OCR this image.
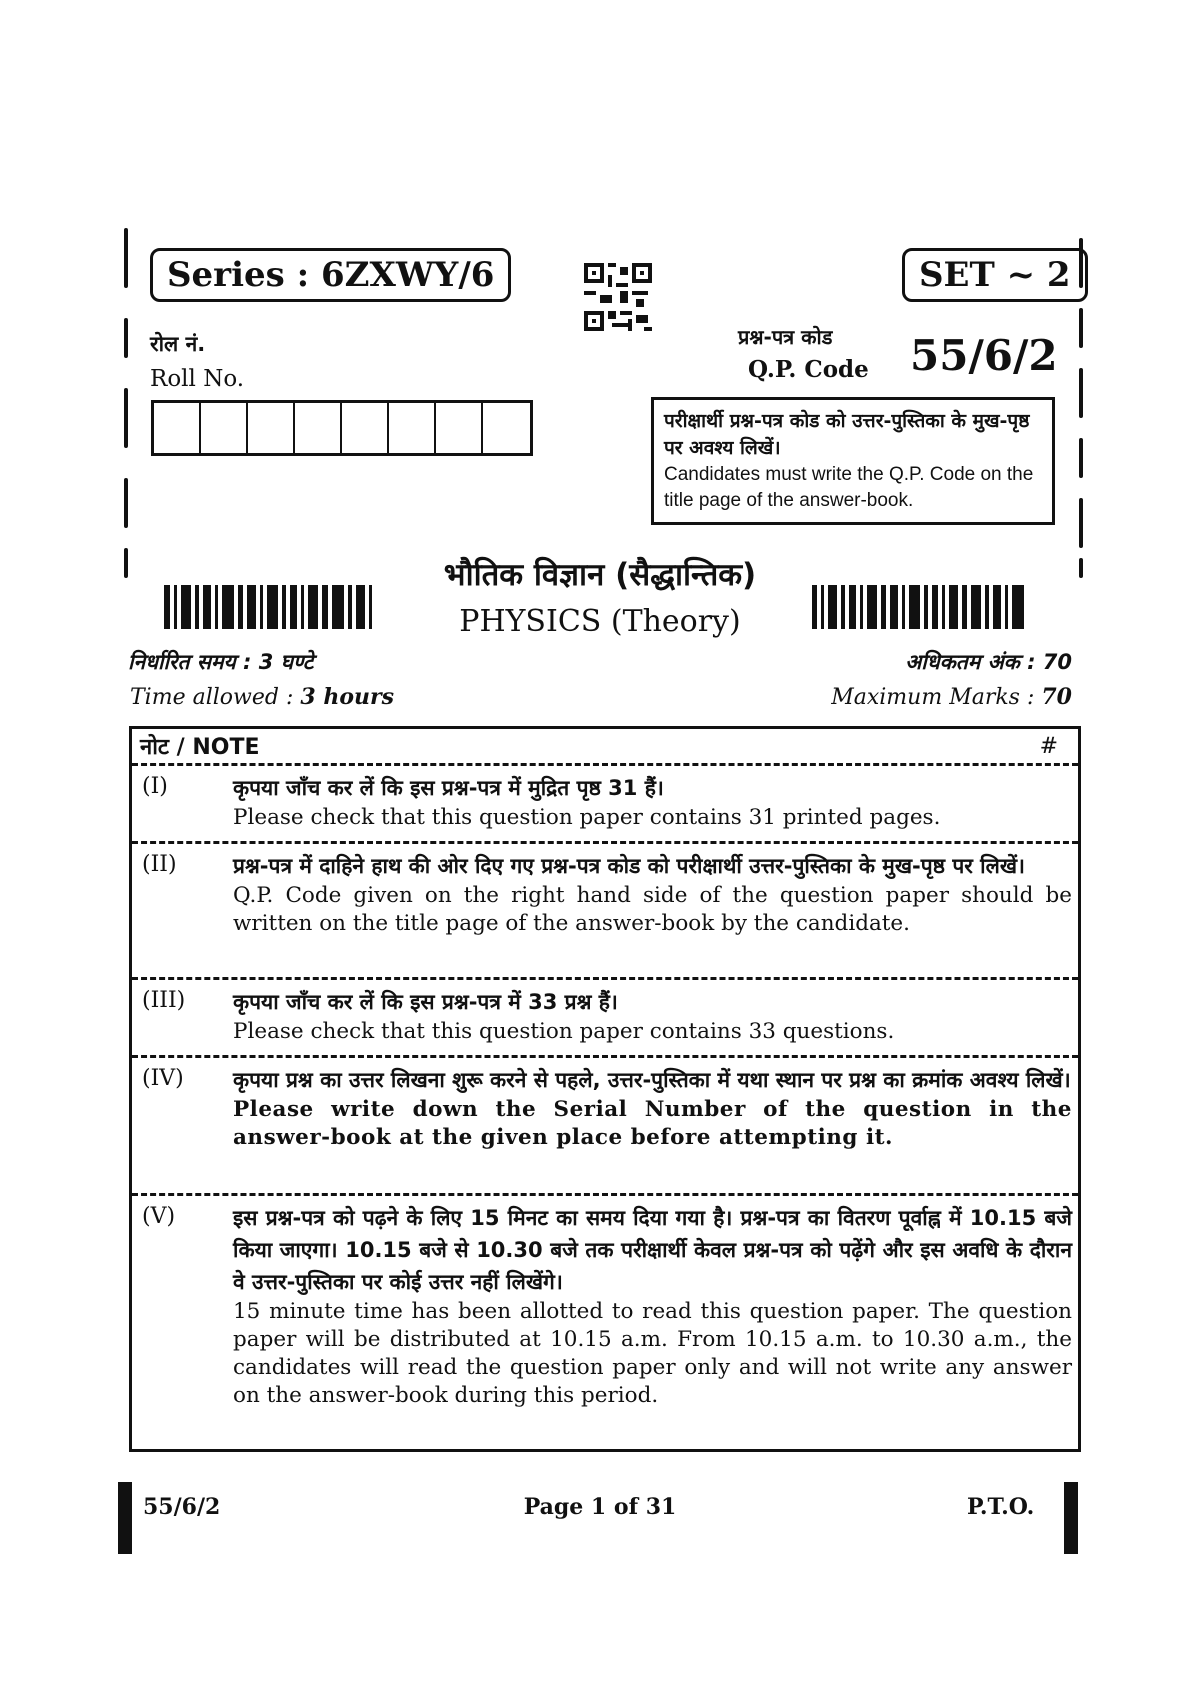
Series : 6ZXWY/6	SET ~ 2
रोल नं.
Roll No.
प्रश्न-पत्र कोड
Q.P. Code 55/6/2
परीक्षार्थी प्रश्न-पत्र कोड को उत्तर-पुस्तिका के मुख-पृष्ठ पर अवश्य लिखें।
Candidates must write the Q.P. Code on the title page of the answer-book.
भौतिक विज्ञान (सैद्धान्तिक)
PHYSICS (Theory)
निर्धारित समय : 3 घण्टे
Time allowed : 3 hours
अधिकतम अंक : 70
Maximum Marks : 70
नोट / NOTE	#
(I)	कृपया जाँच कर लें कि इस प्रश्न-पत्र में मुद्रित पृष्ठ 31 हैं।
Please check that this question paper contains 31 printed pages.
(II)	प्रश्न-पत्र में दाहिने हाथ की ओर दिए गए प्रश्न-पत्र कोड को परीक्षार्थी उत्तर-पुस्तिका के मुख-पृष्ठ पर लिखें।
Q.P. Code given on the right hand side of the question paper should be written on the title page of the answer-book by the candidate.
(III) कृपया जाँच कर लें कि इस प्रश्न-पत्र में 33 प्रश्न हैं।
Please check that this question paper contains 33 questions.
(IV) कृपया प्रश्न का उत्तर लिखना शुरू करने से पहले, उत्तर-पुस्तिका में यथा स्थान पर प्रश्न का क्रमांक अवश्य लिखें।
Please write down the Serial Number of the question in the answer-book at the given place before attempting it.
(V)	इस प्रश्न-पत्र को पढ़ने के लिए 15 मिनट का समय दिया गया है। प्रश्न-पत्र का वितरण पूर्वाह्न में 10.15 बजे किया जाएगा। 10.15 बजे से 10.30 बजे तक परीक्षार्थी केवल प्रश्न-पत्र को पढ़ेंगे और इस अवधि के दौरान वे उत्तर-पुस्तिका पर कोई उत्तर नहीं लिखेंगे।
15 minute time has been allotted to read this question paper. The question paper will be distributed at 10.15 a.m. From 10.15 a.m. to 10.30 a.m., the candidates will read the question paper only and will not write any answer on the answer-book during this period.
55/6/2	Page 1 of 31	P.T.O.
